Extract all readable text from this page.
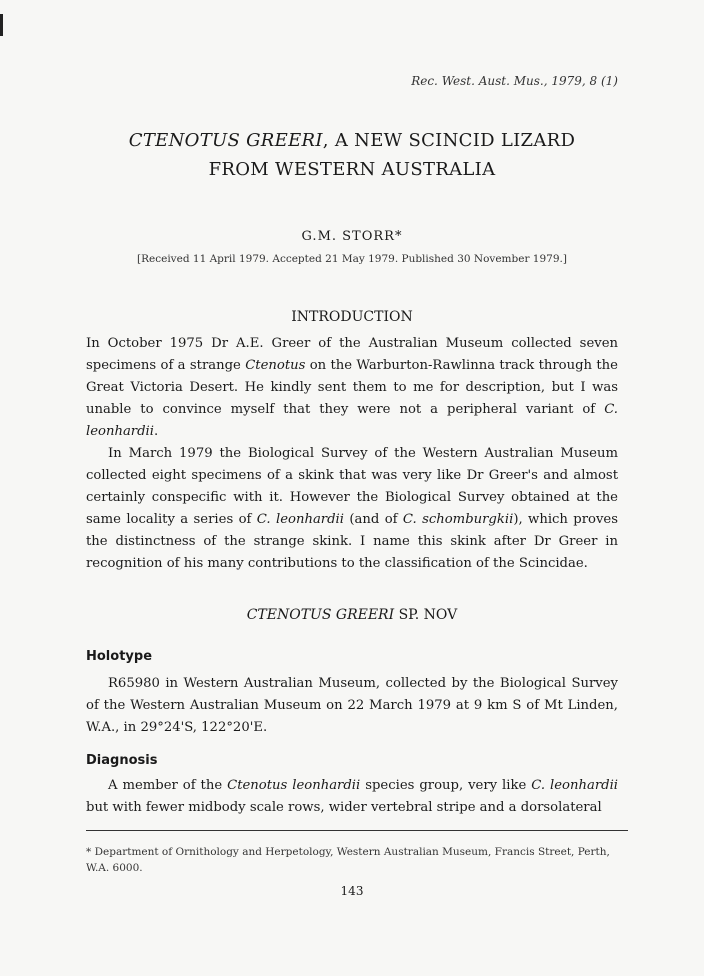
Rec. West. Aust. Mus., 1979, 8 (1)
CTENOTUS GREERI, A NEW SCINCID LIZARD
FROM WESTERN AUSTRALIA
G.M. STORR*
[Received 11 April 1979. Accepted 21 May 1979. Published 30 November 1979.]
INTRODUCTION

In October 1975 Dr A.E. Greer of the Australian Museum collected seven specimens of a strange Ctenotus on the Warburton-Rawlinna track through the Great Victoria Desert. He kindly sent them to me for description, but I was unable to convince myself that they were not a peripheral variant of C. leonhardii.

In March 1979 the Biological Survey of the Western Australian Museum collected eight specimens of a skink that was very like Dr Greer's and almost certainly conspecific with it. However the Biological Survey obtained at the same locality a series of C. leonhardii (and of C. schomburgkii), which proves the distinctness of the strange skink. I name this skink after Dr Greer in recognition of his many contributions to the classification of the Scincidae.

CTENOTUS GREERI SP. NOV
Holotype

R65980 in Western Australian Museum, collected by the Biological Survey of the Western Australian Museum on 22 March 1979 at 9 km S of Mt Linden, W.A., in 29°24'S, 122°20'E.

Diagnosis

A member of the Ctenotus leonhardii species group, very like C. leonhardii but with fewer midbody scale rows, wider vertebral stripe and a dorsolateral

* Department of Ornithology and Herpetology, Western Australian Museum, Francis Street, Perth, W.A. 6000.
143
